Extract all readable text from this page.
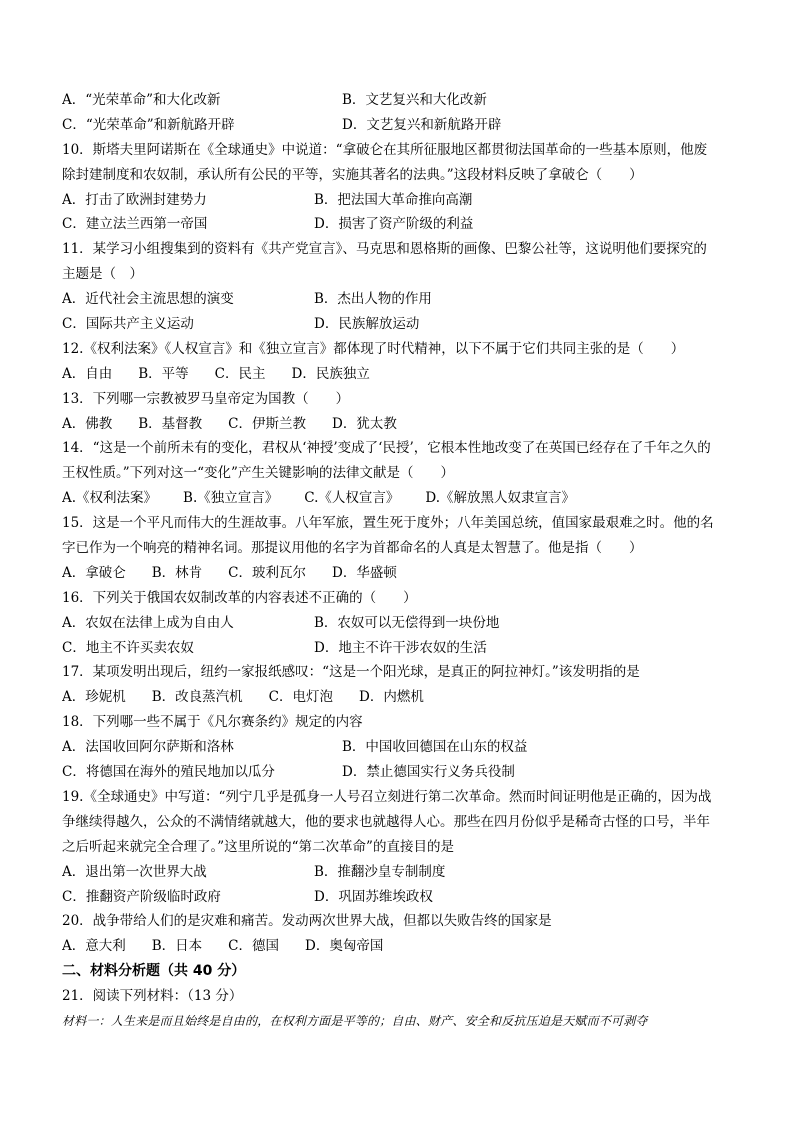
A．“光荣革命”和大化改新	B．文艺复兴和大化改新
C．“光荣革命”和新航路开辟	D．文艺复兴和新航路开辟
10．斯塔夫里阿诺斯在《全球通史》中说道：“拿破仑在其所征服地区都贯彻法国革命的一些基本原则，他废
除封建制度和农奴制，承认所有公民的平等，实施其著名的法典。”这段材料反映了拿破仑（　　）
A．打击了欧洲封建势力	B．把法国大革命推向高潮
C．建立法兰西第一帝国	D．损害了资产阶级的利益
11．某学习小组搜集到的资料有《共产党宣言》、马克思和恩格斯的画像、巴黎公社等，这说明他们要探究的
主题是（　）
A．近代社会主流思想的演变	B．杰出人物的作用
C．国际共产主义运动	D．民族解放运动
12.《权利法案》《人权宣言》和《独立宣言》都体现了时代精神，以下不属于它们共同主张的是（　　）
A．自由 B．平等 C．民主 D．民族独立
13．下列哪一宗教被罗马皇帝定为国教（　　）
A．佛教 B．基督教 C．伊斯兰教 D．犹太教
14．“这是一个前所未有的变化，君权从‘神授’变成了‘民授’，它根本性地改变了在英国已经存在了千年之久的
王权性质。”下列对这一“变化”产生关键影响的法律文献是（　　）
A.《权利法案》 B.《独立宣言》 C.《人权宣言》 D.《解放黑人奴隶宣言》
15．这是一个平凡而伟大的生涯故事。八年军旅，置生死于度外；八年美国总统，值国家最艰难之时。他的名
字已作为一个响亮的精神名词。那提议用他的名字为首都命名的人真是太智慧了。他是指（　　）
A．拿破仑 B．林肯 C．玻利瓦尔 D．华盛顿
16．下列关于俄国农奴制改革的内容表述不正确的（　　）
A．农奴在法律上成为自由人	B．农奴可以无偿得到一块份地
C．地主不许买卖农奴	D．地主不许干涉农奴的生活
17．某项发明出现后，纽约一家报纸感叹：“这是一个阳光球，是真正的阿拉神灯。”该发明指的是
A．珍妮机 B．改良蒸汽机 C．电灯泡 D．内燃机
18．下列哪一些不属于《凡尔赛条约》规定的内容
A．法国收回阿尔萨斯和洛林	B．中国收回德国在山东的权益
C．将德国在海外的殖民地加以瓜分	D．禁止德国实行义务兵役制
19.《全球通史》中写道：“列宁几乎是孤身一人号召立刻进行第二次革命。然而时间证明他是正确的，因为战
争继续得越久，公众的不满情绪就越大，他的要求也就越得人心。那些在四月份似乎是稀奇古怪的口号，半年
之后听起来就完全合理了。”这里所说的“第二次革命”的直接目的是
A．退出第一次世界大战	B．推翻沙皇专制制度
C．推翻资产阶级临时政府	D．巩固苏维埃政权
20．战争带给人们的是灾难和痛苦。发动两次世界大战，但都以失败告终的国家是
A．意大利 B．日本 C．德国 D．奥匈帝国
二、材料分析题（共 40 分）
21．阅读下列材料：（13 分）
材料一：人生来是而且始终是自由的，在权利方面是平等的；自由、财产、安全和反抗压迫是天赋而不可剥夺
